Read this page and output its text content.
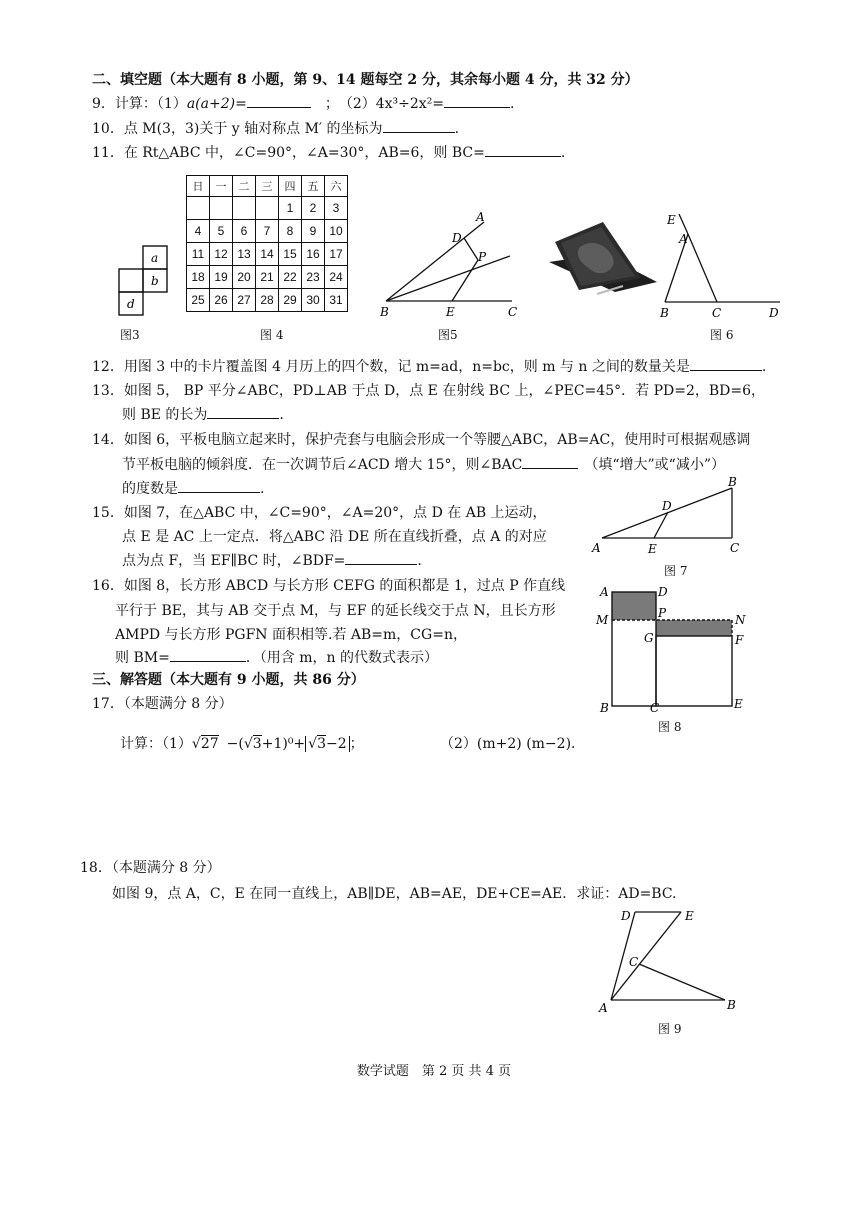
二、填空题（本大题有 8 小题，第 9、14 题每空 2 分，其余每小题 4 分，共 32 分）
9．计算：（1）a(a+2)=	；　（2）4x³÷2x²=	.
10．点 M(3，3)关于 y 轴对称点 M′ 的坐标为	.
11．在 Rt△ABC 中，∠C=90°，∠A=30°，AB=6，则 BC=	.
a
b
d
图3
日	一	二	三	四	五	六
				1	2	3
4	5	6	7	8	9	10
11	12	13	14	15	16	17
18	19	20	21	22	23	24
25	26	27	28	29	30	31
图 4
A
D
P
B	E	C
图5
E
A
B	C	D
图 6
12．用图 3 中的卡片覆盖图 4 月历上的四个数，记 m=ad，n=bc，则 m 与 n 之间的数量关是	.
13．如图 5， BP 平分∠ABC，PD⊥AB 于点 D，点 E 在射线 BC 上，∠PEC=45°．若 PD=2，BD=6，
则 BE 的长为	.
14．如图 6，平板电脑立起来时，保护壳套与电脑会形成一个等腰△ABC，AB=AC，使用时可根据观感调
节平板电脑的倾斜度．在一次调节后∠ACD 增大 15°，则∠BAC	（填“增大”或“减小”）
的度数是	.
15．如图 7，在△ABC 中，∠C=90°，∠A=20°，点 D 在 AB 上运动，
点 E 是 AC 上一定点．将△ABC 沿 DE 所在直线折叠，点 A 的对应
点为点 F，当 EF∥BC 时，∠BDF=	.
B
D
A	E	C
图 7
16．如图 8，长方形 ABCD 与长方形 CEFG 的面积都是 1，过点 P 作直线
平行于 BE，其与 AB 交于点 M，与 EF 的延长线交于点 N，且长方形
AMPD 与长方形 PGFN 面积相等.若 AB=m，CG=n，
则 BM=	．（用含 m，n 的代数式表示）
A	D
P
M	N
G	F
B	C	E
图 8
三、解答题（本大题有 9 小题，共 86 分）
17．（本题满分 8 分）
计算：（1）√27 −(√3+1)⁰+ √3−2 ；	（2）(m+2) (m−2).
18．（本题满分 8 分）
如图 9，点 A，C，E 在同一直线上，AB∥DE，AB=AE，DE+CE=AE．求证：AD=BC.
D	E
C
A	B
图 9
数学试题　第 2 页 共 4 页
